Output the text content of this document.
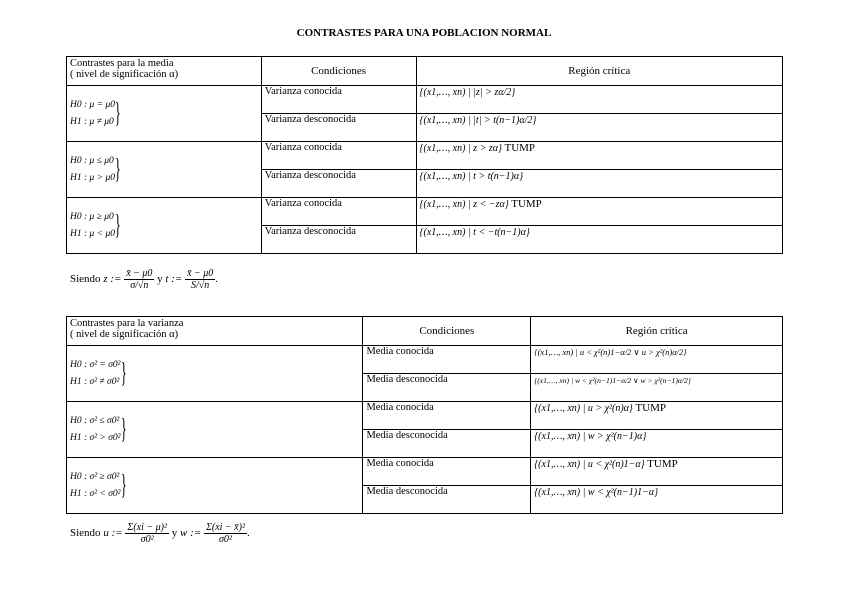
CONTRASTES PARA UNA POBLACION NORMAL
Contrastes para la media
( nivel de significación α)	Condiciones	Región crítica

H0 : μ = μ0
H1 : μ ≠ μ0 }	Varianza conocida	{(x1,…, xn) | |z| > zα/2}
	Varianza desconocida	{(x1,…, xn) | |t| > t(n−1)α/2}

H0 : μ ≤ μ0
H1 : μ > μ0 }	Varianza conocida	{(x1,…, xn) | z > zα} TUMP
	Varianza desconocida	{(x1,…, xn) | t > t(n−1)α}

H0 : μ ≥ μ0
H1 : μ < μ0 }	Varianza conocida	{(x1,…, xn) | z < −zα} TUMP
	Varianza desconocida	{(x1,…, xn) | t < −t(n−1)α}
Siendo z := $\frac{x̄ - \mu 0}{\sigma/√n}$ y t := $\frac{x̄ - \mu 0}{S/√n}$ .
Contrastes para la varianza
( nivel de significación α)	Condiciones	Región crítica

H0 : σ² = σ0²
H1 : σ² ≠ σ0² }	Media conocida	{(x1,…, xn) | u < χ²(n)1−α/2 ∨ u > χ²(n)α/2}
	Media desconocida	{(x1,…, xn) | w < χ²(n−1)1−α/2 ∨ w > χ²(n−1)α/2}

H0 : σ² ≤ σ0²
H1 : σ² > σ0² }	Media conocida	{(x1,…, xn) | u > χ²(n)α} TUMP
	Media desconocida	{(x1,…, xn) | w > χ²(n−1)α}

H0 : σ² ≥ σ0²
H1 : σ² < σ0² }	Media conocida	{(x1,…, xn) | u < χ²(n)1−α} TUMP
	Media desconocida	{(x1,…, xn) | w < χ²(n−1)1−α}
Siendo u := $\frac{\text{Σ(xi − μ)²}}{\text{σ0²}}$ y w := $\frac{\text{Σ(xi − x̄)²}}{\text{σ0²}}$ .
